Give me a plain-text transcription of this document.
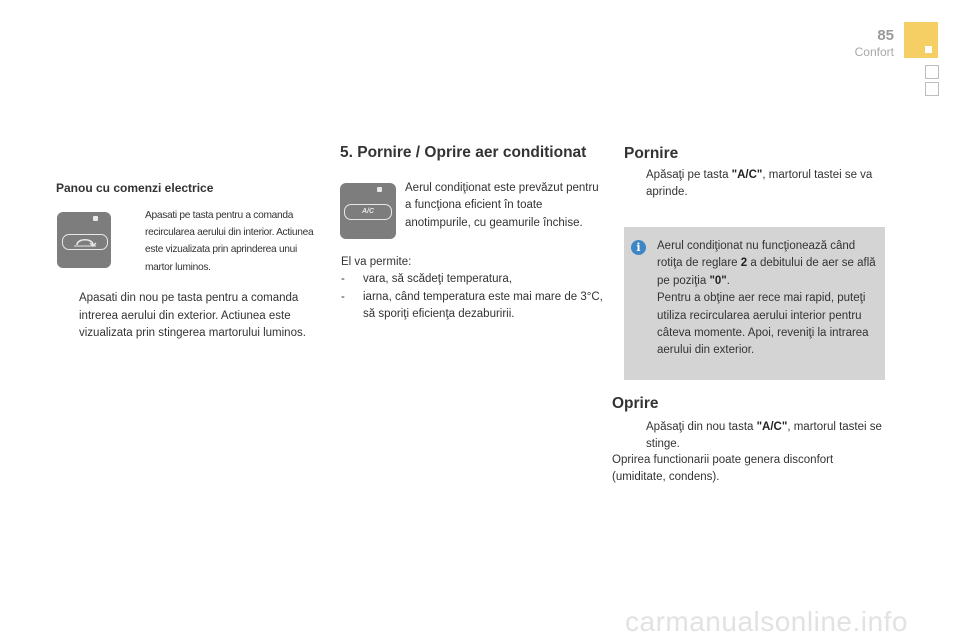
85
Confort
Panou cu comenzi electrice
Apasati pe tasta pentru a comanda recircularea aerului din interior. Actiunea este vizualizata prin aprinderea unui martor luminos.
Apasati din nou pe tasta pentru a comanda intrerea aerului din exterior. Actiunea este vizualizata prin stingerea martorului luminos.
5. Pornire / Oprire aer conditionat
A/C
Aerul condiţionat este prevăzut pentru a funcţiona eficient în toate anotimpurile, cu geamurile închise.
El va permite:
- vara, să scădeţi temperatura,
- iarna, când temperatura este mai mare de 3°C, să sporiţi eficienţa dezaburirii.
Pornire
Apăsaţi pe tasta "A/C", martorul tastei se va aprinde.
i	Aerul condiţionat nu funcţionează când rotiţa de reglare 2 a debitului de aer se află pe poziţia "0".
Pentru a obţine aer rece mai rapid, puteţi utiliza recircularea aerului interior pentru câteva momente. Apoi, reveniţi la intrarea aerului din exterior.
Oprire
Apăsaţi din nou tasta "A/C", martorul tastei se stinge.
Oprirea functionarii poate genera disconfort (umiditate, condens).
carmanualsonline.info
